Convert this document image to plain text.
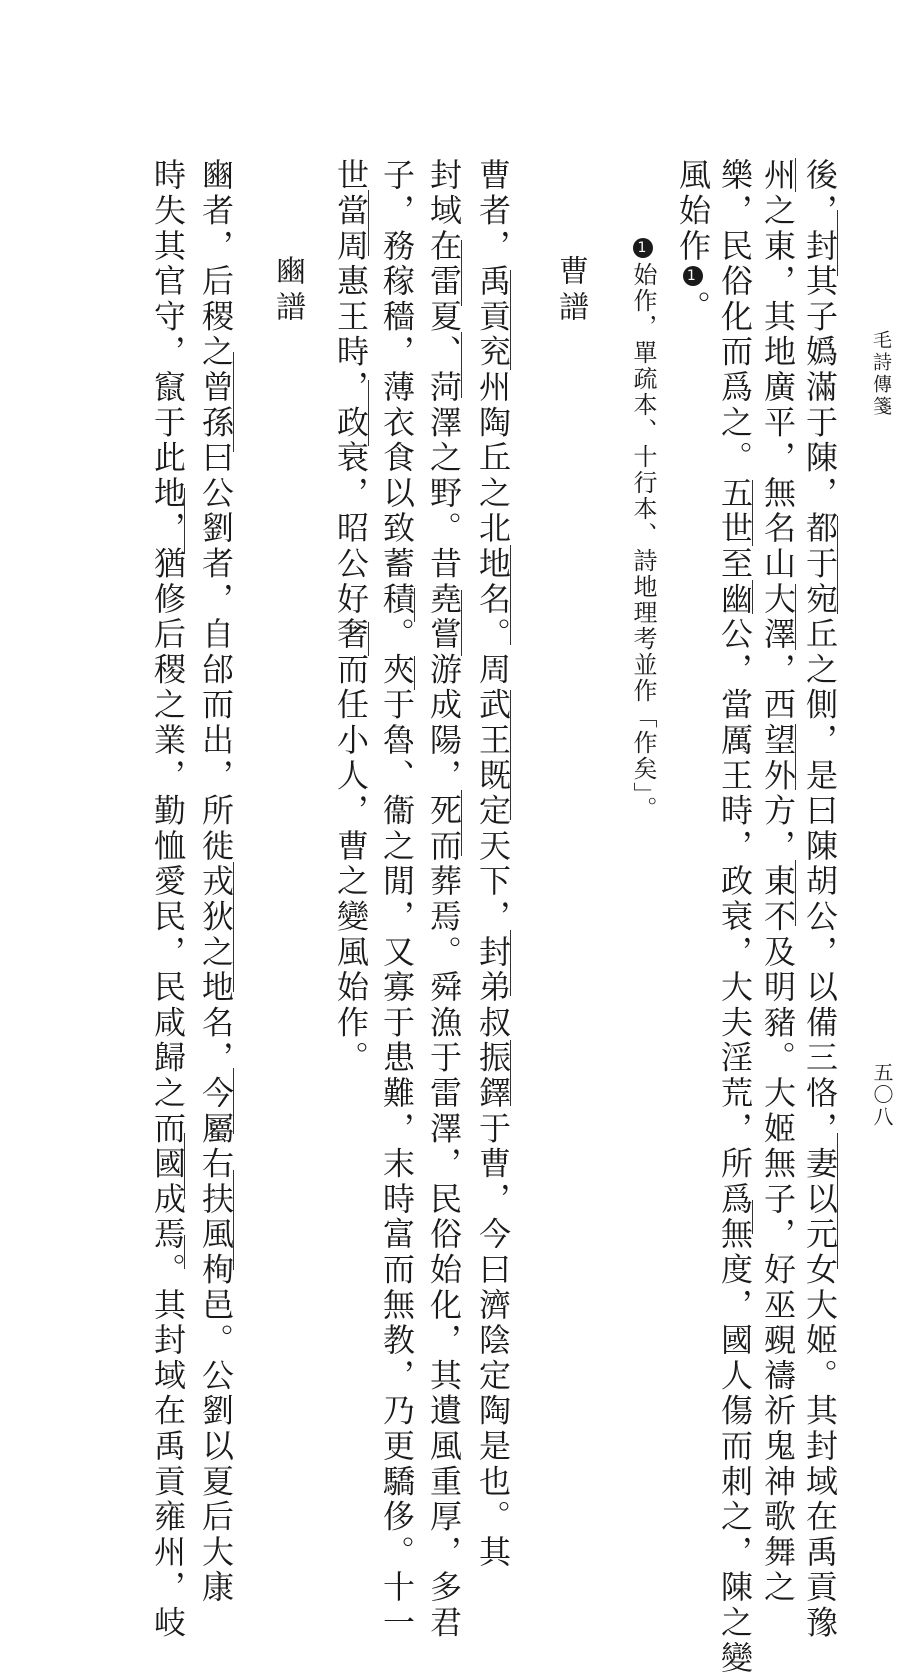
毛詩傳箋
五〇八
後，封其子嬀滿于陳，都于宛丘之側，是曰陳胡公，以備三恪，妻以元女大姬。其封域在禹貢豫
州之東，其地廣平，無名山大澤，西望外方，東不及明豬。大姬無子，好巫覡禱祈鬼神歌舞之
樂，民俗化而爲之。五世至幽公，當厲王時，政衰，大夫淫荒，所爲無度，國人傷而刺之，陳之變
風始作1。
1始作，單疏本、十行本、詩地理考並作「作矣」。
曹譜
曹者，禹貢兖州陶丘之北地名。周武王既定天下，封弟叔振鐸于曹，今曰濟陰定陶是也。其
封域在雷夏、菏澤之野。昔堯嘗游成陽，死而葬焉。舜漁于雷澤，民俗始化，其遺風重厚，多君
子，務稼穡，薄衣食以致蓄積。夾于魯、衞之閒，又寡于患難，末時富而無教，乃更驕侈。十一
世當周惠王時，政衰，昭公好奢而任小人，曹之變風始作。
豳譜
豳者，后稷之曾孫曰公劉者，自邰而出，所徙戎狄之地名，今屬右扶風栒邑。公劉以夏后大康
時失其官守，竄于此地，猶修后稷之業，勤恤愛民，民咸歸之而國成焉。其封域在禹貢雍州，岐
